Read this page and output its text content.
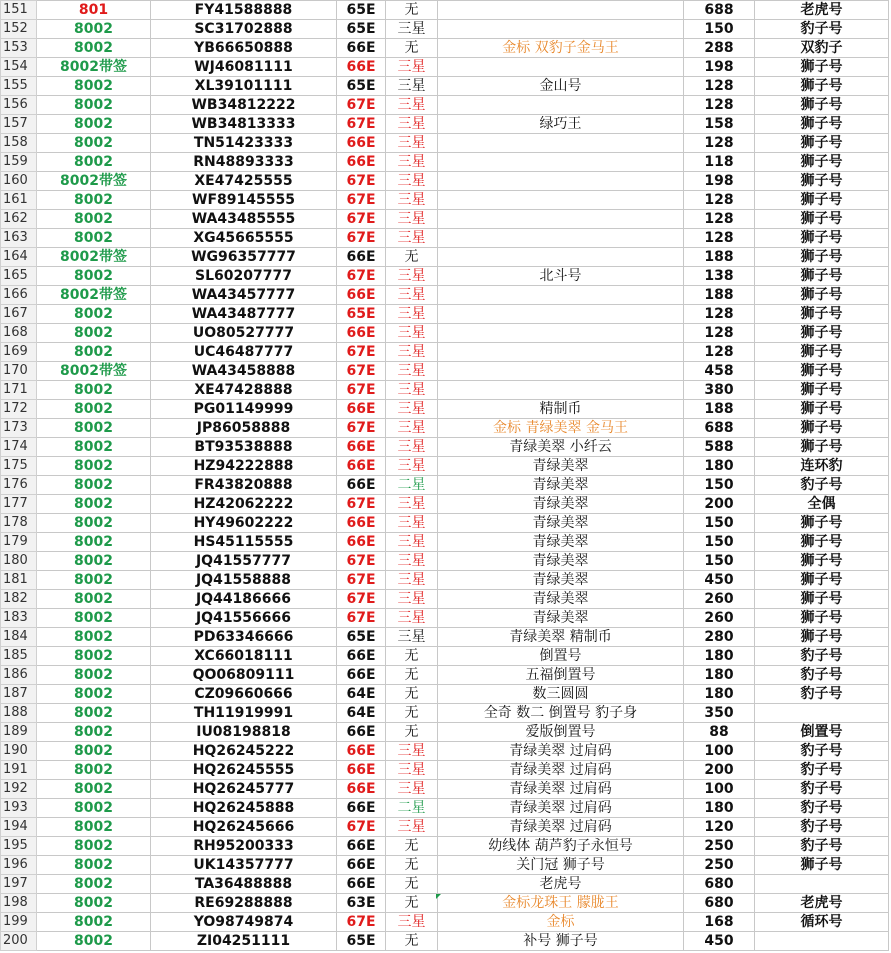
151	801	FY41588888	65E	无		688	老虎号
152	8002	SC31702888	65E	三星		150	豹子号
153	8002	YB66650888	66E	无	金标 双豹子金马王	288	双豹子
154	8002带签	WJ46081111	66E	三星		198	狮子号
155	8002	XL39101111	65E	三星	金山号	128	狮子号
156	8002	WB34812222	67E	三星		128	狮子号
157	8002	WB34813333	67E	三星	绿巧王	158	狮子号
158	8002	TN51423333	66E	三星		128	狮子号
159	8002	RN48893333	66E	三星		118	狮子号
160	8002带签	XE47425555	67E	三星		198	狮子号
161	8002	WF89145555	67E	三星		128	狮子号
162	8002	WA43485555	67E	三星		128	狮子号
163	8002	XG45665555	67E	三星		128	狮子号
164	8002带签	WG96357777	66E	无		188	狮子号
165	8002	SL60207777	67E	三星	北斗号	138	狮子号
166	8002带签	WA43457777	66E	三星		188	狮子号
167	8002	WA43487777	65E	三星		128	狮子号
168	8002	UO80527777	66E	三星		128	狮子号
169	8002	UC46487777	67E	三星		128	狮子号
170	8002带签	WA43458888	67E	三星		458	狮子号
171	8002	XE47428888	67E	三星		380	狮子号
172	8002	PG01149999	66E	三星	精制币	188	狮子号
173	8002	JP86058888	67E	三星	金标 青绿美翠 金马王	688	狮子号
174	8002	BT93538888	66E	三星	青绿美翠 小纤云	588	狮子号
175	8002	HZ94222888	66E	三星	青绿美翠	180	连环豹
176	8002	FR43820888	66E	二星	青绿美翠	150	豹子号
177	8002	HZ42062222	67E	三星	青绿美翠	200	全偶
178	8002	HY49602222	66E	三星	青绿美翠	150	狮子号
179	8002	HS45115555	66E	三星	青绿美翠	150	狮子号
180	8002	JQ41557777	67E	三星	青绿美翠	150	狮子号
181	8002	JQ41558888	67E	三星	青绿美翠	450	狮子号
182	8002	JQ44186666	67E	三星	青绿美翠	260	狮子号
183	8002	JQ41556666	67E	三星	青绿美翠	260	狮子号
184	8002	PD63346666	65E	三星	青绿美翠 精制币	280	狮子号
185	8002	XC66018111	66E	无	倒置号	180	豹子号
186	8002	QO06809111	66E	无	五福倒置号	180	豹子号
187	8002	CZ09660666	64E	无	数三圆圆	180	豹子号
188	8002	TH11919991	64E	无	全奇 数二 倒置号 豹子身	350	
189	8002	IU08198818	66E	无	爱版倒置号	88	倒置号
190	8002	HQ26245222	66E	三星	青绿美翠 过肩码	100	豹子号
191	8002	HQ26245555	66E	三星	青绿美翠 过肩码	200	豹子号
192	8002	HQ26245777	66E	三星	青绿美翠 过肩码	100	豹子号
193	8002	HQ26245888	66E	二星	青绿美翠 过肩码	180	豹子号
194	8002	HQ26245666	67E	三星	青绿美翠 过肩码	120	豹子号
195	8002	RH95200333	66E	无	幼线体 葫芦豹子永恒号	250	豹子号
196	8002	UK14357777	66E	无	关门冠 狮子号	250	狮子号
197	8002	TA36488888	66E	无	老虎号	680	
198	8002	RE69288888	63E	无	金标龙珠王 朦胧王	680	老虎号
199	8002	YO98749874	67E	三星	金标	168	循环号
200	8002	ZI04251111	65E	无	补号 狮子号	450	
